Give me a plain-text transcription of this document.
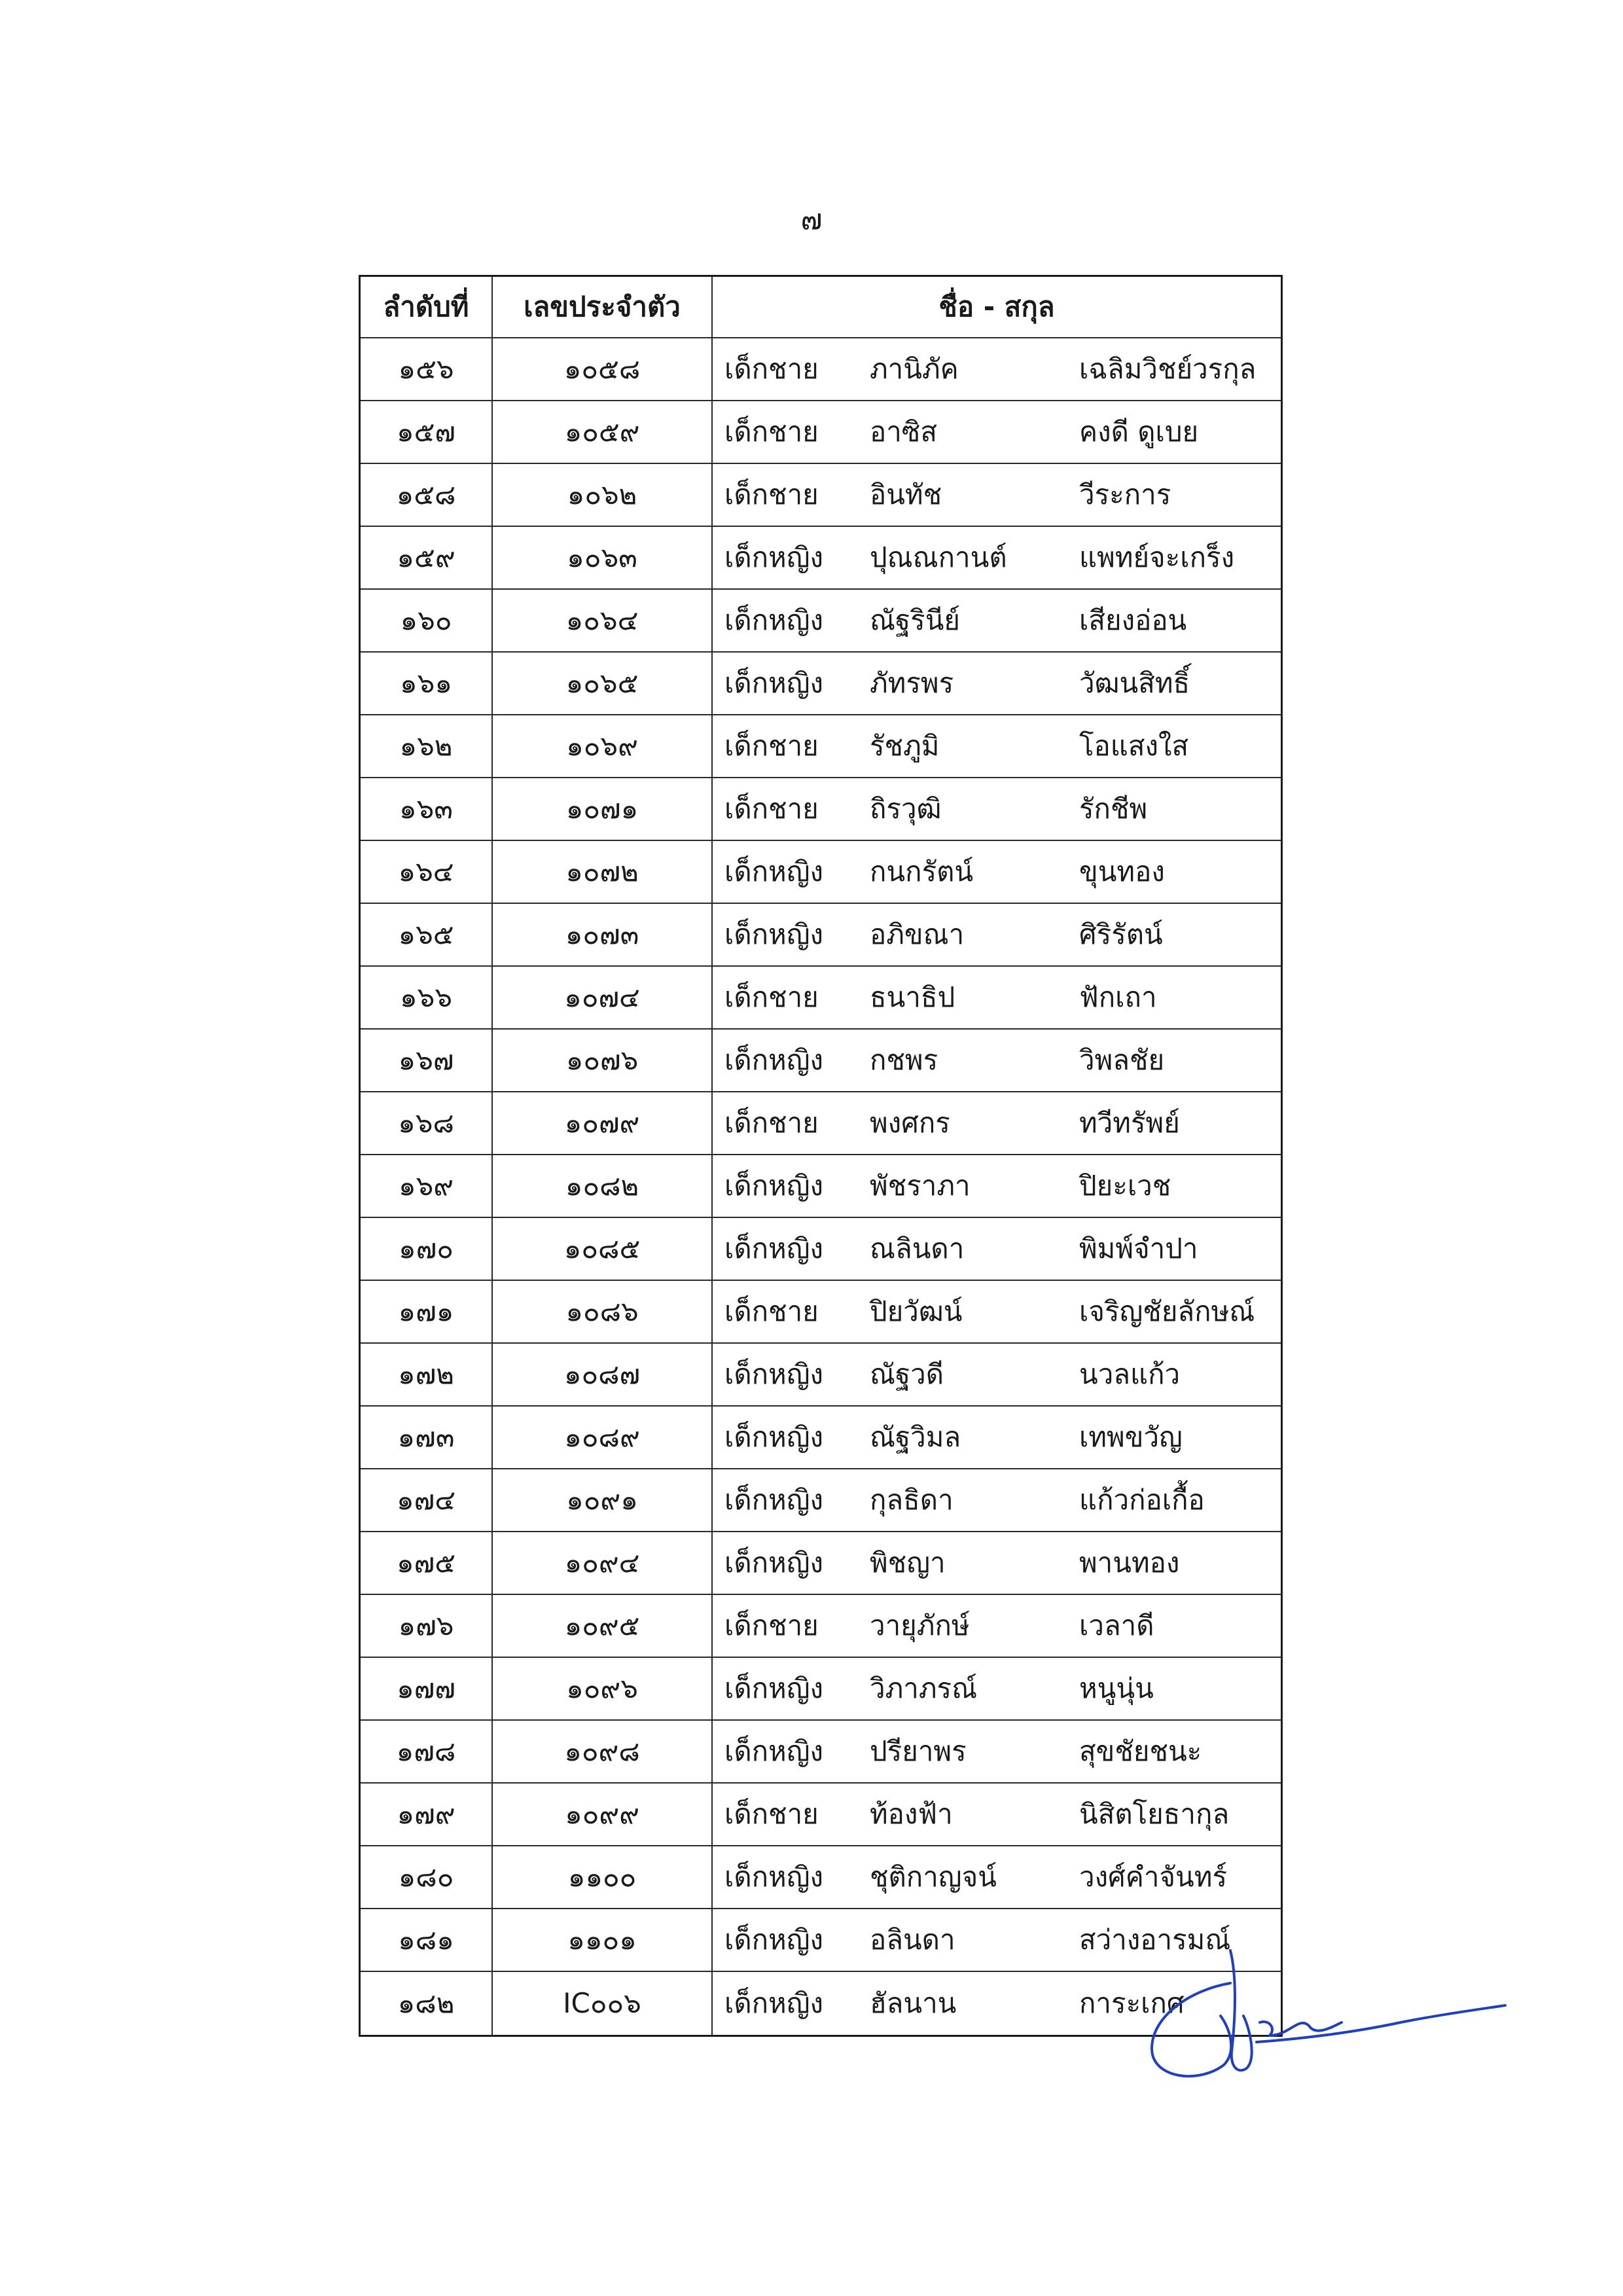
๗
ลำดับที่	เลขประจำตัว	ชื่อ - สกุล
๑๕๖	๑๐๕๘	เด็กชาย	ภานิภัค	เฉลิมวิชย์วรกุล
๑๕๗	๑๐๕๙	เด็กชาย	อาซิส	คงดี ดูเบย
๑๕๘	๑๐๖๒	เด็กชาย	อินทัช	วีระการ
๑๕๙	๑๐๖๓	เด็กหญิง	ปุณณกานต์	แพทย์จะเกร็ง
๑๖๐	๑๐๖๔	เด็กหญิง	ณัฐรินีย์	เสียงอ่อน
๑๖๑	๑๐๖๕	เด็กหญิง	ภัทรพร	วัฒนสิทธิ์
๑๖๒	๑๐๖๙	เด็กชาย	รัชภูมิ	โอแสงใส
๑๖๓	๑๐๗๑	เด็กชาย	ถิรวุฒิ	รักชีพ
๑๖๔	๑๐๗๒	เด็กหญิง	กนกรัตน์	ขุนทอง
๑๖๕	๑๐๗๓	เด็กหญิง	อภิขณา	ศิริรัตน์
๑๖๖	๑๐๗๔	เด็กชาย	ธนาธิป	ฟักเถา
๑๖๗	๑๐๗๖	เด็กหญิง	กชพร	วิพลชัย
๑๖๘	๑๐๗๙	เด็กชาย	พงศกร	ทวีทรัพย์
๑๖๙	๑๐๘๒	เด็กหญิง	พัชราภา	ปิยะเวช
๑๗๐	๑๐๘๕	เด็กหญิง	ณลินดา	พิมพ์จำปา
๑๗๑	๑๐๘๖	เด็กชาย	ปิยวัฒน์	เจริญชัยลักษณ์
๑๗๒	๑๐๘๗	เด็กหญิง	ณัฐวดี	นวลแก้ว
๑๗๓	๑๐๘๙	เด็กหญิง	ณัฐวิมล	เทพขวัญ
๑๗๔	๑๐๙๑	เด็กหญิง	กุลธิดา	แก้วก่อเกื้อ
๑๗๕	๑๐๙๔	เด็กหญิง	พิชญา	พานทอง
๑๗๖	๑๐๙๕	เด็กชาย	วายุภักษ์	เวลาดี
๑๗๗	๑๐๙๖	เด็กหญิง	วิภาภรณ์	หนูนุ่น
๑๗๘	๑๐๙๘	เด็กหญิง	ปรียาพร	สุขชัยชนะ
๑๗๙	๑๐๙๙	เด็กชาย	ท้องฟ้า	นิสิตโยธากุล
๑๘๐	๑๑๐๐	เด็กหญิง	ชุติกาญจน์	วงศ์คำจันทร์
๑๘๑	๑๑๐๑	เด็กหญิง	อลินดา	สว่างอารมณ์
๑๘๒	IC๐๐๖	เด็กหญิง	ฮัลนาน	การะเกศ
